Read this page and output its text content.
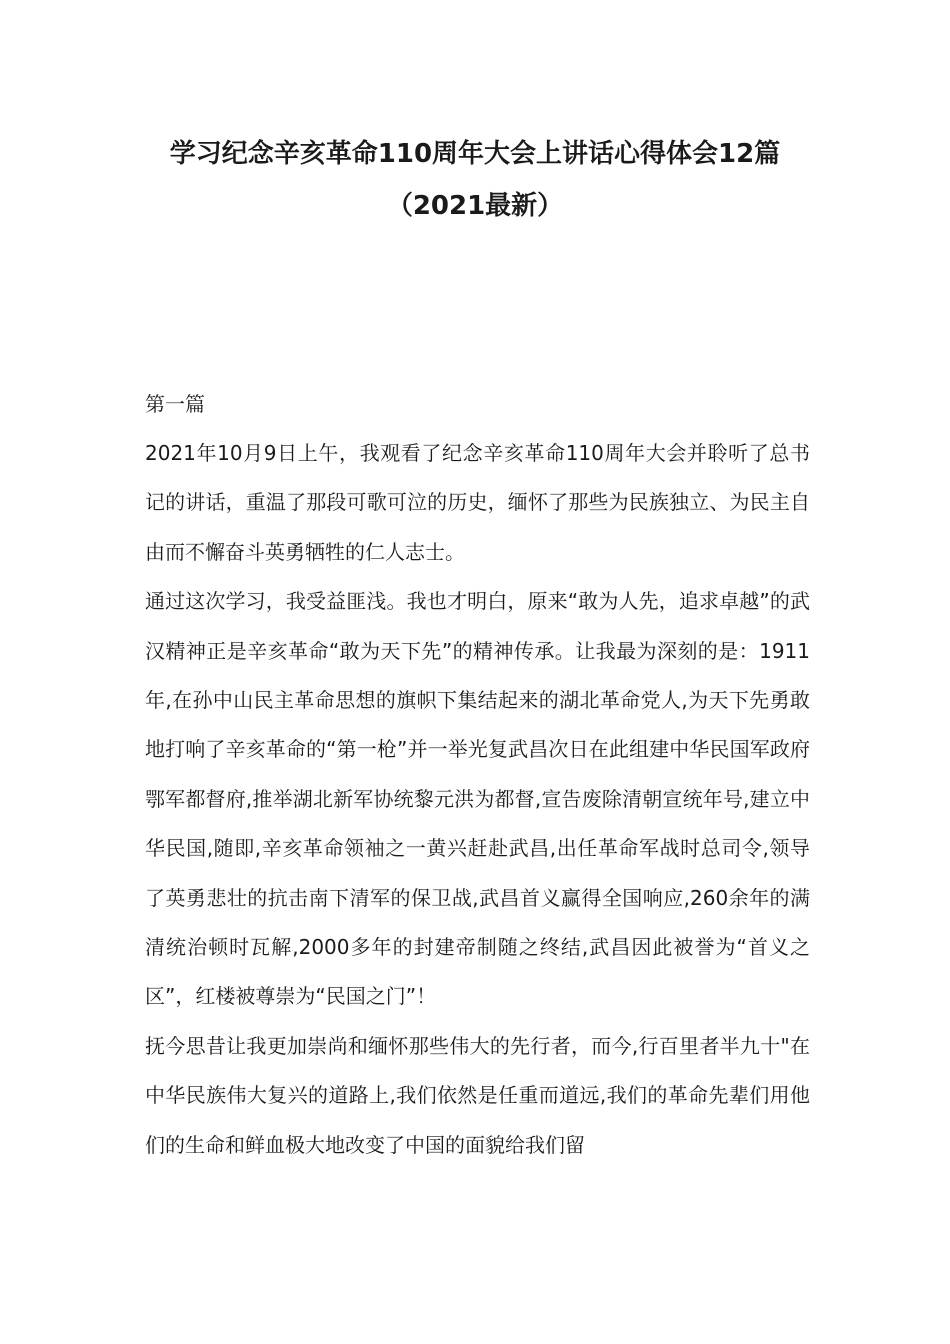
学习纪念辛亥革命110周年大会上讲话心得体会12篇（2021最新）

第一篇

2021年10月9日上午，我观看了纪念辛亥革命110周年大会并聆听了总书记的讲话，重温了那段可歌可泣的历史，缅怀了那些为民族独立、为民主自由而不懈奋斗英勇牺牲的仁人志士。

通过这次学习，我受益匪浅。我也才明白，原来“敢为人先，追求卓越”的武汉精神正是辛亥革命“敢为天下先”的精神传承。让我最为深刻的是：1911年,在孙中山民主革命思想的旗帜下集结起来的湖北革命党人,为天下先勇敢地打响了辛亥革命的“第一枪”并一举光复武昌次日在此组建中华民国军政府鄂军都督府,推举湖北新军协统黎元洪为都督,宣告废除清朝宣统年号,建立中华民国,随即,辛亥革命领袖之一黄兴赶赴武昌,出任革命军战时总司令,领导了英勇悲壮的抗击南下清军的保卫战,武昌首义赢得全国响应,260余年的满清统治顿时瓦解,2000多年的封建帝制随之终结,武昌因此被誉为“首义之区”，红楼被尊崇为“民国之门”！

抚今思昔让我更加崇尚和缅怀那些伟大的先行者，而今,行百里者半九十"在中华民族伟大复兴的道路上,我们依然是任重而道远,我们的革命先辈们用他们的生命和鲜血极大地改变了中国的面貌给我们留
